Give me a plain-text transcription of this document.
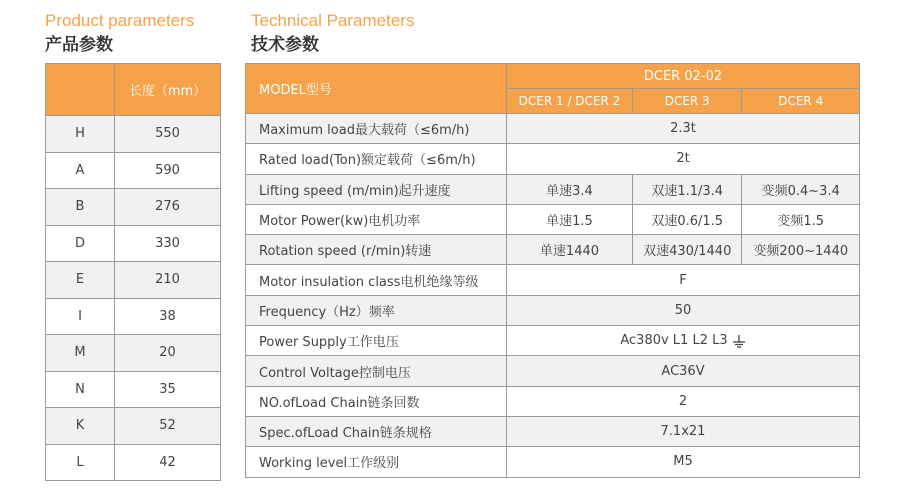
Product parameters
产品参数
Technical Parameters
技术参数
	长度（mm）
H	550
A	590
B	276
D	330
E	210
I	38
M	20
N	35
K	52
L	42
MODEL型号	DCER 02-02		
	DCER 1 / DCER 2	DCER 3	DCER 4
Maximum load最大载荷（≤6m/h)	2.3t		
Rated load(Ton)额定载荷（≤6m/h)	2t		
Lifting speed (m/min)起升速度	单速3.4	双速1.1/3.4	变频0.4~3.4
Motor Power(kw)电机功率	单速1.5	双速0.6/1.5	变频1.5
Rotation speed (r/min)转速	单速1440	双速430/1440	变频200~1440
Motor insulation class电机绝缘等级	F		
Frequency（Hz）频率	50		
Power Supply工作电压	Ac380v L1 L2 L3		
Control Voltage控制电压	AC36V		
NO.ofLoad Chain链条回数	2		
Spec.ofLoad Chain链条规格	7.1x21		
Working level工作级别	M5		
